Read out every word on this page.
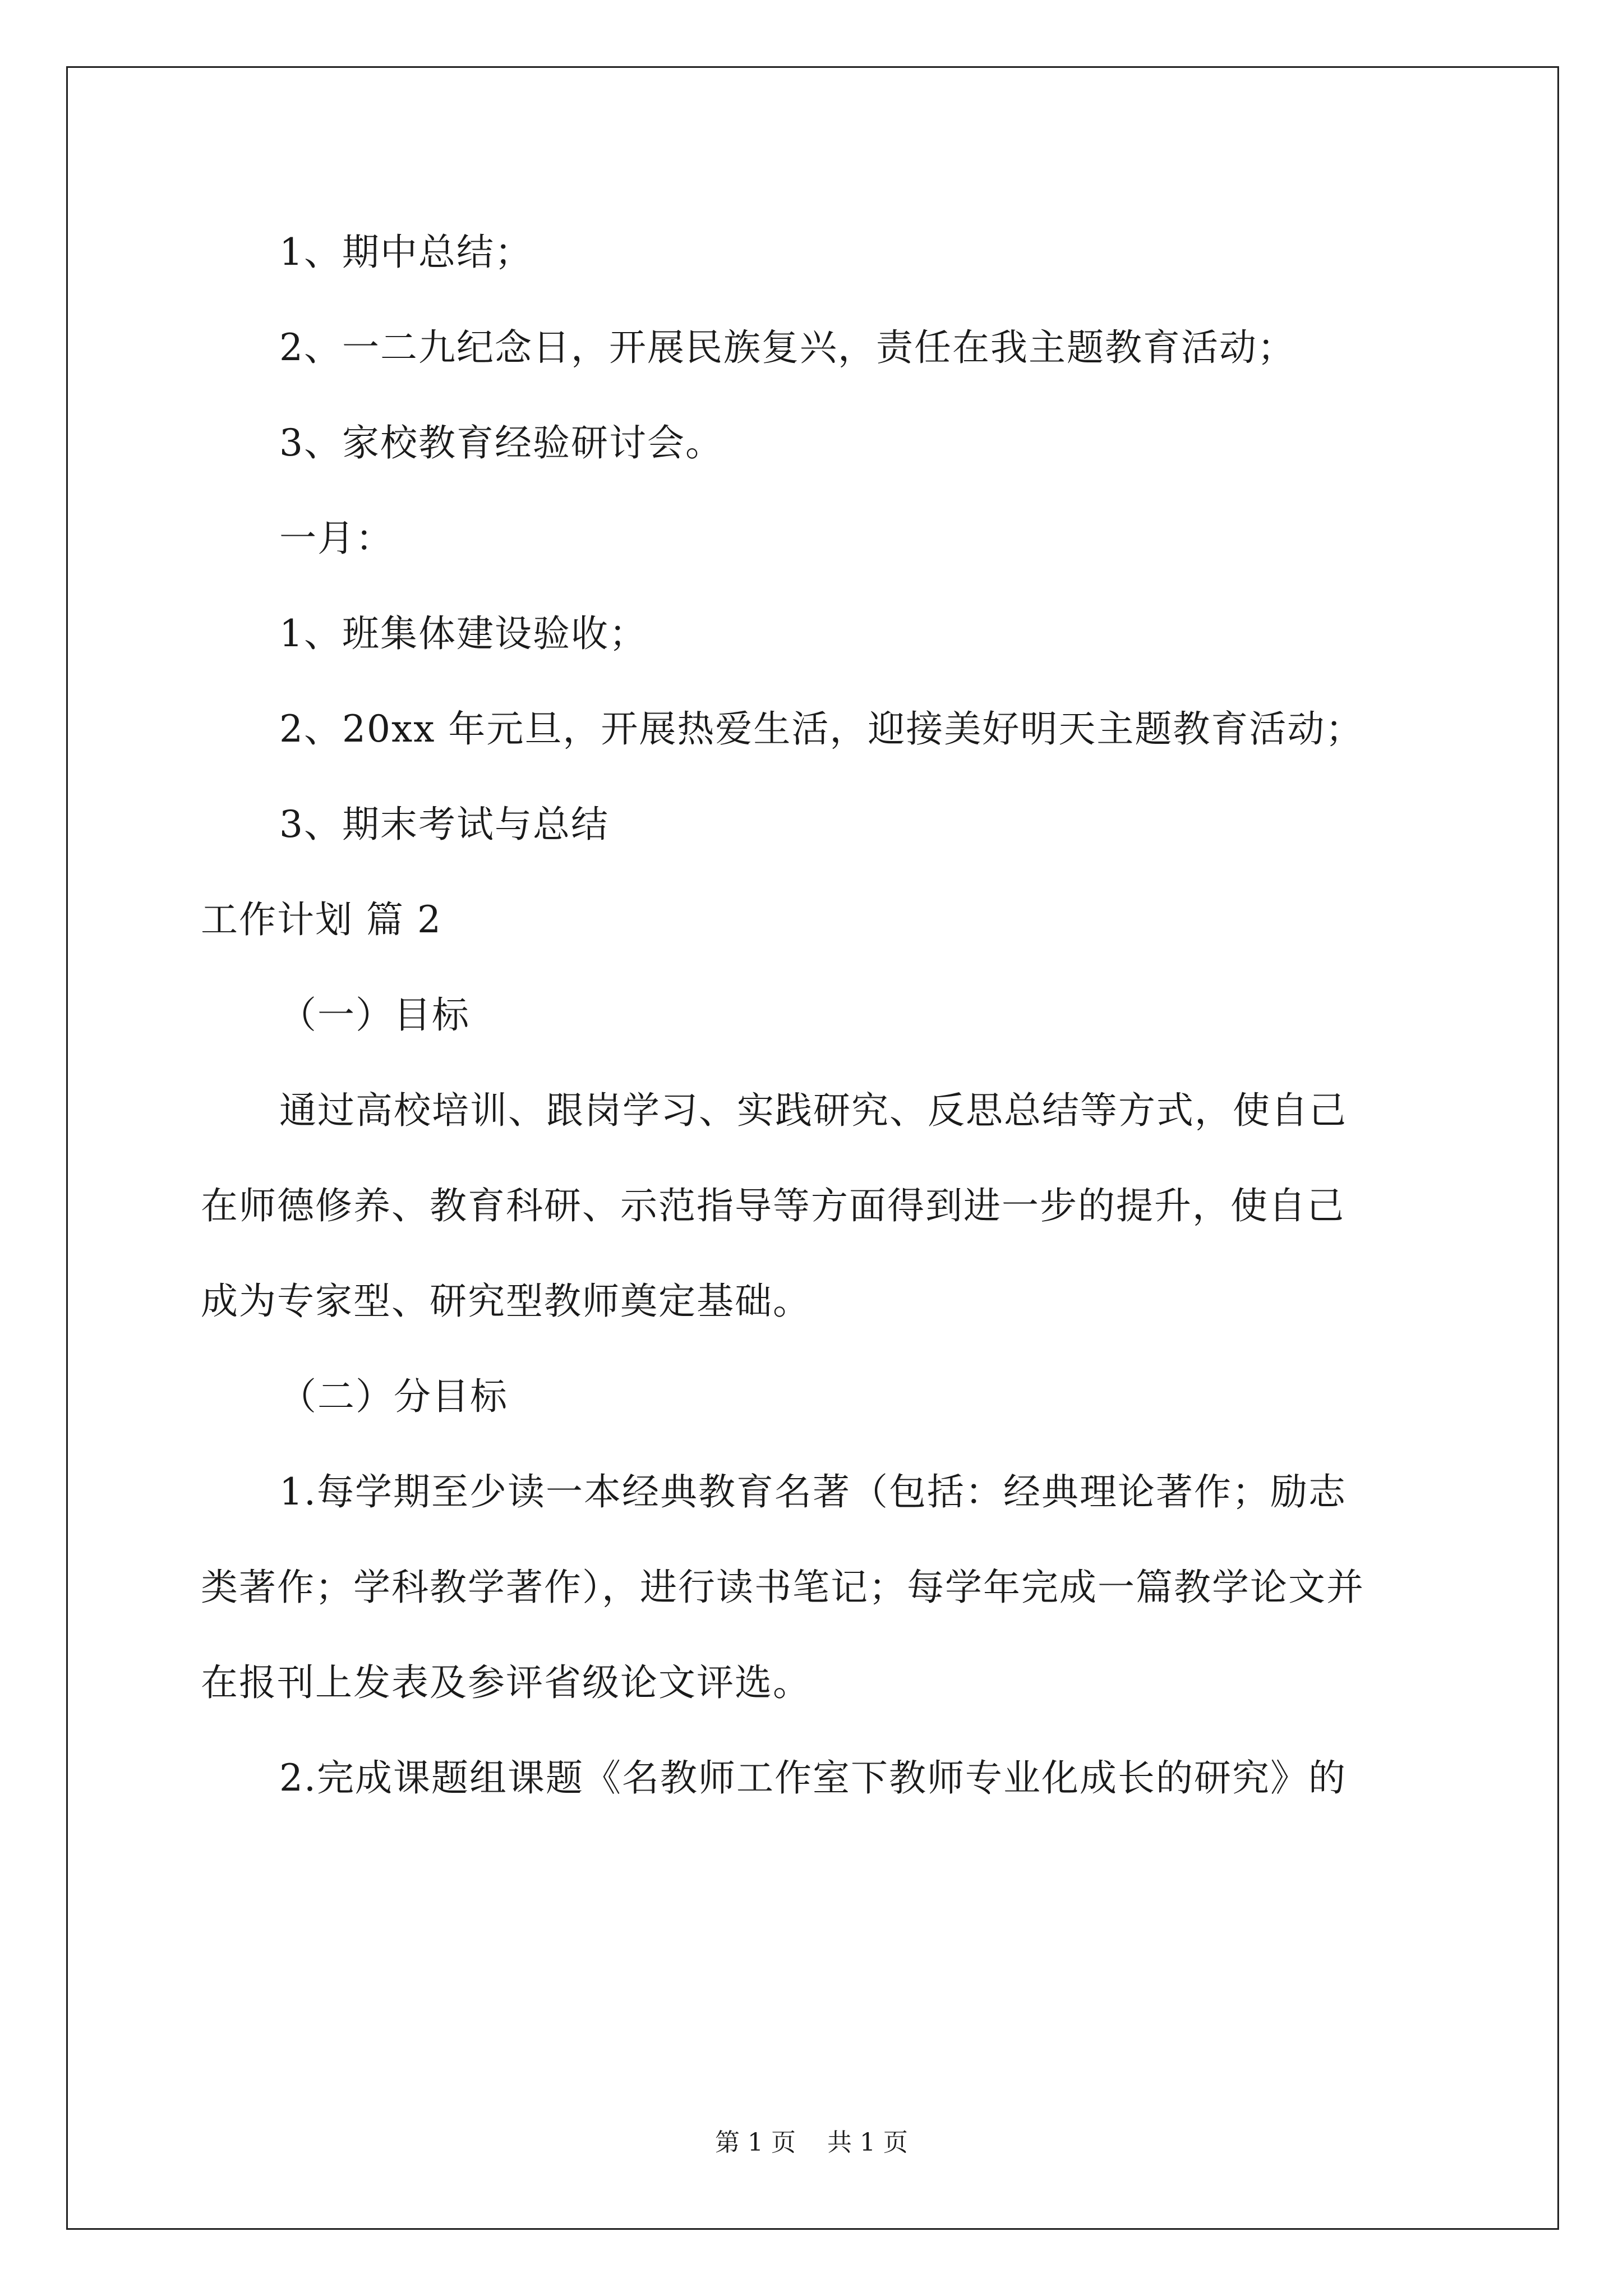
1、期中总结；
2、一二九纪念日，开展民族复兴，责任在我主题教育活动；
3、家校教育经验研讨会。
一月：
1、班集体建设验收；
2、20xx 年元旦，开展热爱生活，迎接美好明天主题教育活动；
3、期末考试与总结
工作计划 篇 2
（一）目标
通过高校培训、跟岗学习、实践研究、反思总结等方式，使自己
在师德修养、教育科研、示范指导等方面得到进一步的提升，使自己
成为专家型、研究型教师奠定基础。
（二）分目标
1.每学期至少读一本经典教育名著（包括：经典理论著作；励志
类著作；学科教学著作），进行读书笔记；每学年完成一篇教学论文并
在报刊上发表及参评省级论文评选。
2.完成课题组课题《名教师工作室下教师专业化成长的研究》的
第 1 页    共 1 页
